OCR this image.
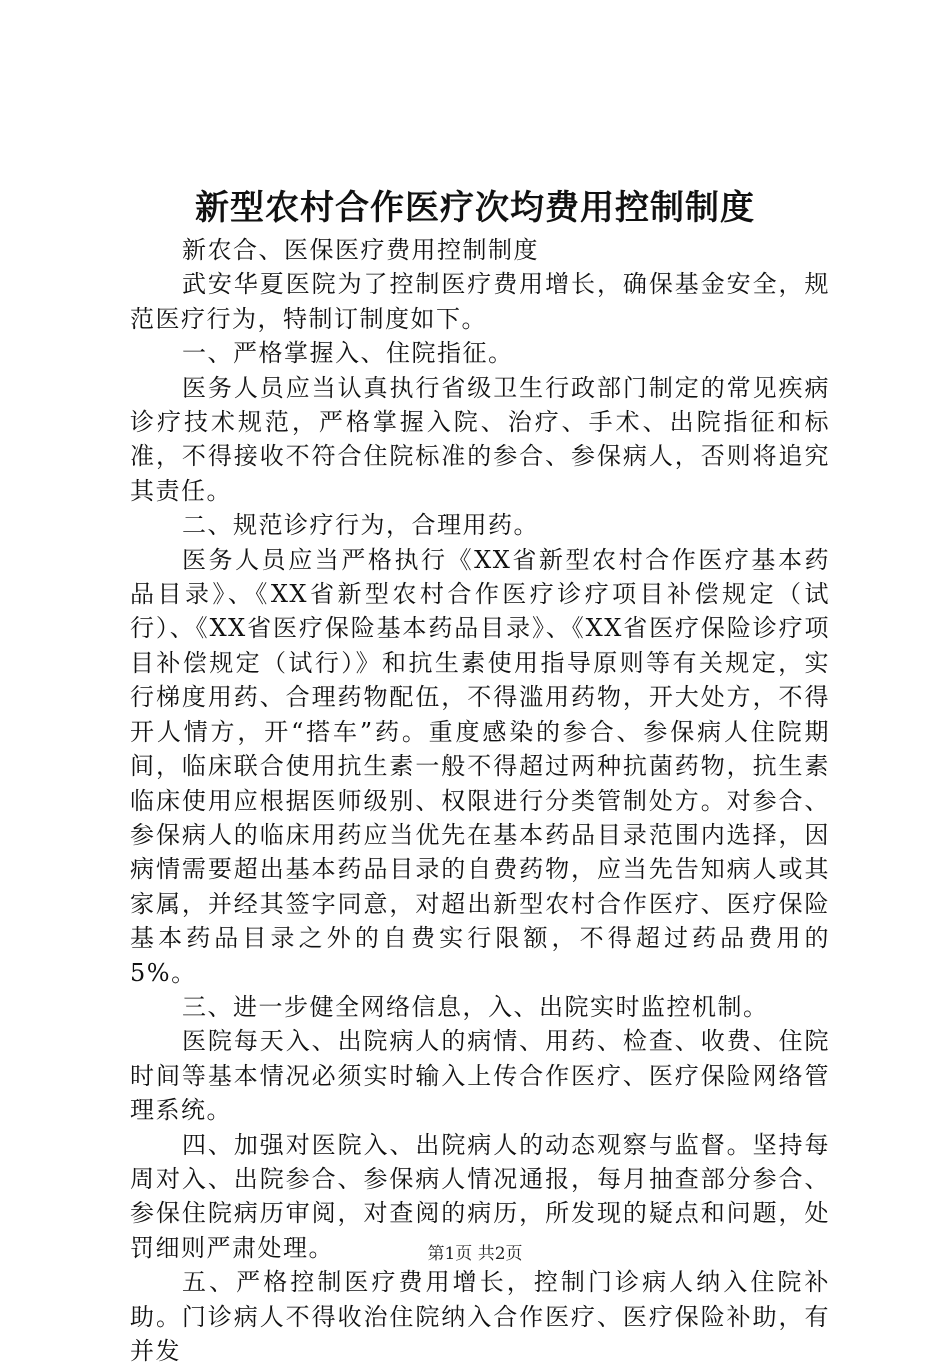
新型农村合作医疗次均费用控制制度

新农合、医保医疗费用控制制度

武安华夏医院为了控制医疗费用增长，确保基金安全，规范医疗行为，特制订制度如下。

一、严格掌握入、住院指征。

医务人员应当认真执行省级卫生行政部门制定的常见疾病诊疗技术规范，严格掌握入院、治疗、手术、出院指征和标准，不得接收不符合住院标准的参合、参保病人，否则将追究其责任。

二、规范诊疗行为，合理用药。

医务人员应当严格执行《XX省新型农村合作医疗基本药品目录》、《XX省新型农村合作医疗诊疗项目补偿规定（试行）、《XX省医疗保险基本药品目录》、《XX省医疗保险诊疗项目补偿规定（试行）》和抗生素使用指导原则等有关规定，实行梯度用药、合理药物配伍，不得滥用药物，开大处方，不得开人情方，开“搭车”药。重度感染的参合、参保病人住院期间，临床联合使用抗生素一般不得超过两种抗菌药物，抗生素临床使用应根据医师级别、权限进行分类管制处方。对参合、参保病人的临床用药应当优先在基本药品目录范围内选择，因病情需要超出基本药品目录的自费药物，应当先告知病人或其家属，并经其签字同意，对超出新型农村合作医疗、医疗保险基本药品目录之外的自费实行限额，不得超过药品费用的5%。

三、进一步健全网络信息，入、出院实时监控机制。

医院每天入、出院病人的病情、用药、检查、收费、住院时间等基本情况必须实时输入上传合作医疗、医疗保险网络管理系统。

四、加强对医院入、出院病人的动态观察与监督。坚持每周对入、出院参合、参保病人情况通报，每月抽查部分参合、参保住院病历审阅，对查阅的病历，所发现的疑点和问题，处罚细则严肃处理。

五、严格控制医疗费用增长，控制门诊病人纳入住院补助。门诊病人不得收治住院纳入合作医疗、医疗保险补助，有并发

第1页 共2页
